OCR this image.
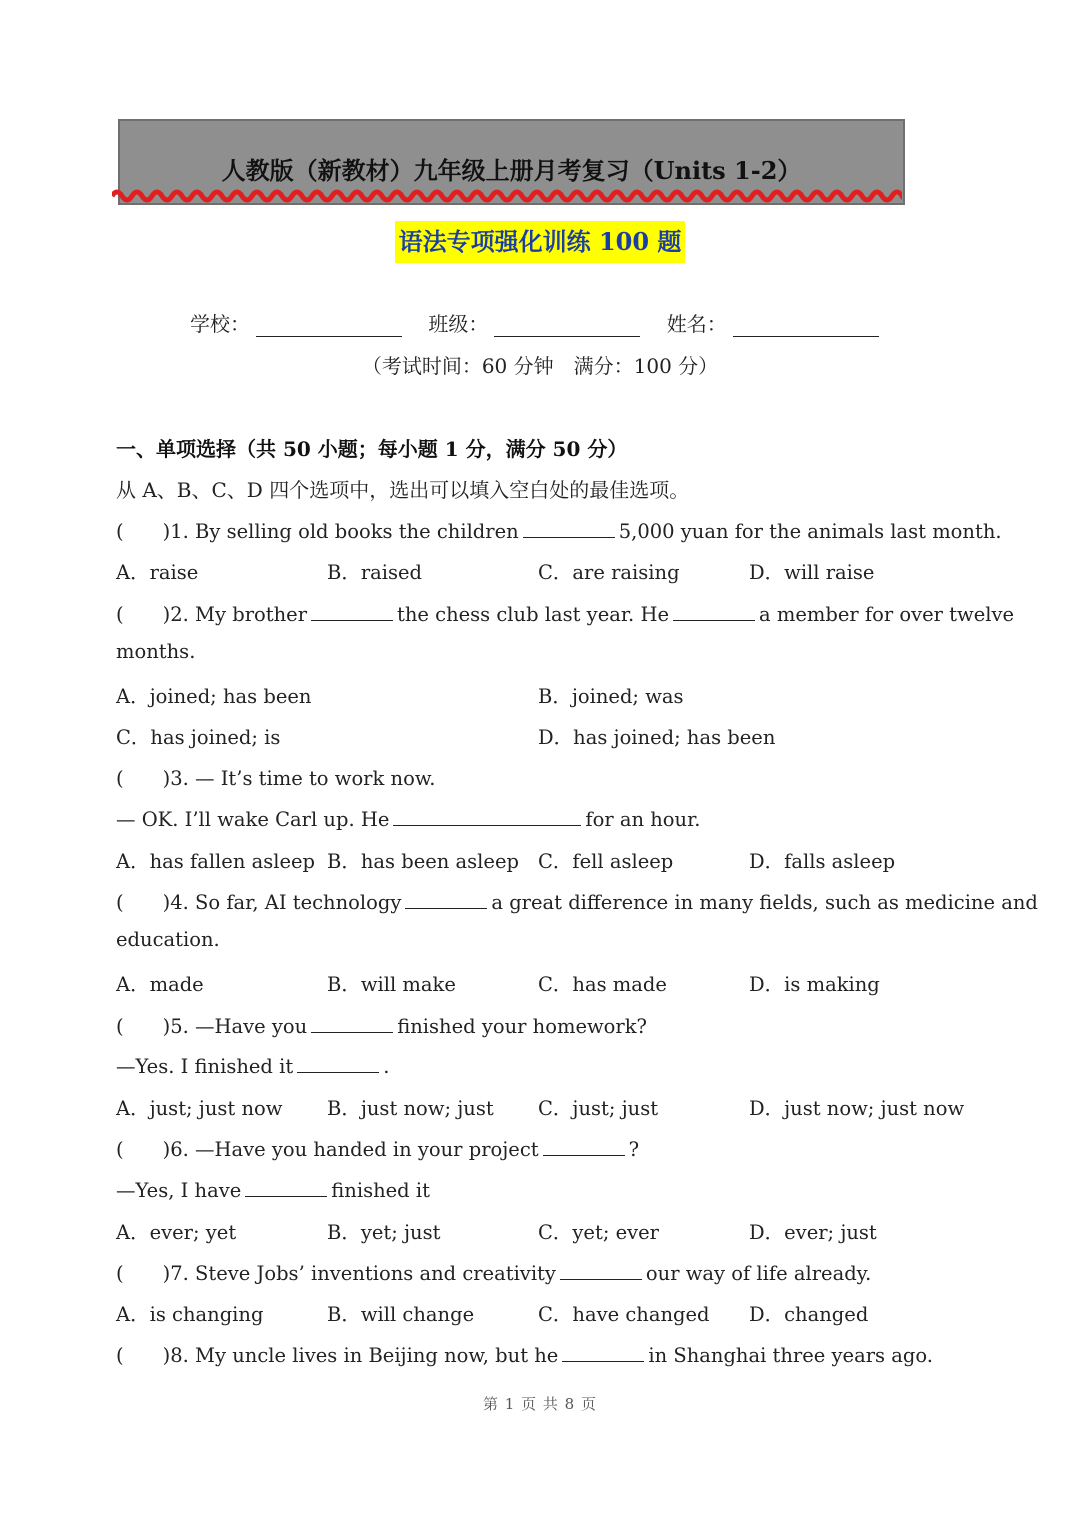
人教版（新教材）九年级上册月考复习（Units 1-2）
语法专项强化训练 100 题
学校：	班级：	姓名：
（考试时间：60 分钟　满分：100 分）
一、单项选择（共 50 小题；每小题 1 分，满分 50 分）
从 A、B、C、D 四个选项中，选出可以填入空白处的最佳选项。
(　　)1. By selling old books the children	5,000 yuan for the animals last month.
A．raise	B．raised	C．are raising	D．will raise
(　　)2. My brother	the chess club last year. He	a member for over twelve
months.
A．joined; has been	B．joined; was
C．has joined; is	D．has joined; has been
(　　)3. — It’s time to work now.
— OK. I’ll wake Carl up. He	for an hour.
A．has fallen asleep B．has been asleep C．fell asleep	D．falls asleep
(　　)4. So far, AI technology	a great difference in many fields, such as medicine and
education.
A．made	B．will make	C．has made	D．is making
(　　)5. —Have you	finished your homework?
—Yes. I finished it	.
A．just; just now B．just now; just C．just; just	D．just now; just now
(　　)6. —Have you handed in your project	?
—Yes, I have	finished it
A．ever; yet	B．yet; just	C．yet; ever	D．ever; just
(　　)7. Steve Jobs’ inventions and creativity	our way of life already.
A．is changing	B．will change	C．have changed D．changed
(　　)8. My uncle lives in Beijing now, but he	in Shanghai three years ago.
第 1 页 共 8 页
